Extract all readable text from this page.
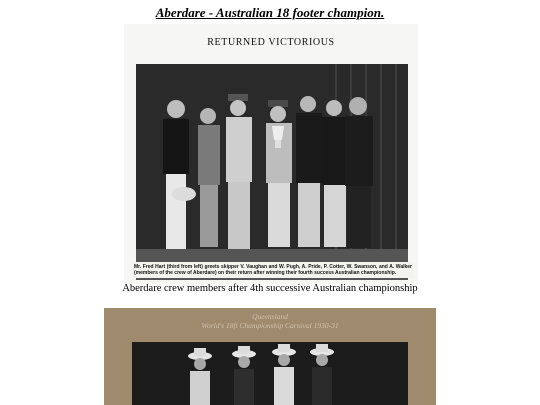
Aberdare - Australian 18 footer champion.
RETURNED VICTORIOUS
Mr. Fred Hart (third from left) greets skipper V. Vaughan and W. Pugh, A. Pride, P. Cotter, W. Swanson, and A. Walker (members of the crew of Aberdare) on their return after winning their fourth success Australian championship.
Aberdare crew members after 4th successive Australian championship
Queensland
World's 18ft Championship Carnival 1930-31
